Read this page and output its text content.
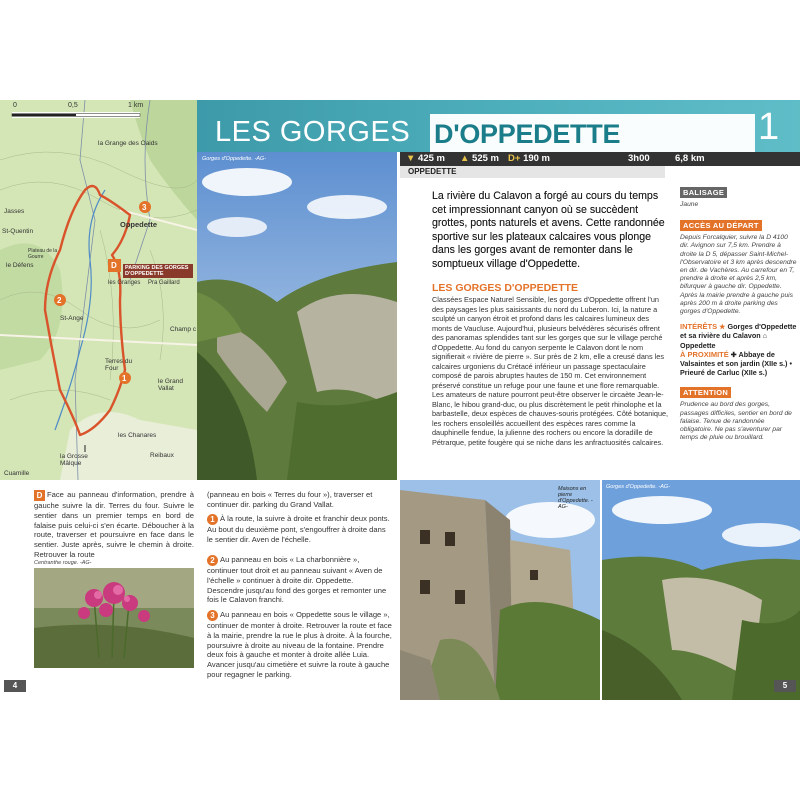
0	0,5	1 km
la Grange des Oaids
Jasses
St-Quentin
Oppedette
le Défens
Plateau de la Gourre
Pra Gaillard
les Granges
Champ c
Terres du Four
le Grand Vallat
les Chanares
Reibaux
la Grosse Mâlque
Cuamille
St-Ange
D	PARKING DES GORGES D'OPPEDETTE
3
2
1
LES GORGES D'OPPEDETTE	1
Gorges d'Oppedette. -AG-	▼ 425 m ▲ 525 m D+ 190 m	3h00	6,8 km
OPPEDETTE
La rivière du Calavon a forgé au cours du temps cet impressionnant canyon où se succèdent grottes, ponts naturels et avens. Cette randonnée sportive sur les plateaux calcaires vous plonge dans les gorges avant de remonter dans le somptueux village d'Oppedette.
LES GORGES D'OPPEDETTE
Classées Espace Naturel Sensible, les gorges d'Oppedette offrent l'un des paysages les plus saisissants du nord du Luberon. Ici, la nature a sculpté un canyon étroit et profond dans les calcaires lumineux des monts de Vaucluse. Aujourd'hui, plusieurs belvédères sécurisés offrent des panoramas splendides tant sur les gorges que sur le village perché d'Oppedette. Au fond du canyon serpente le Calavon dont le nom signifierait « rivière de pierre ». Sur près de 2 km, elle a creusé dans les calcaires urgoniens du Crétacé inférieur un passage spectaculaire composé de parois abruptes hautes de 150 m. Cet environnement préservé constitue un refuge pour une faune et une flore remarquable. Les amateurs de nature pourront peut-être observer le circaète Jean-le-Blanc, le hibou grand-duc, ou plus discrètement le petit rhinolophe et la barbastelle, deux espèces de chauves-souris protégées. Côté botanique, les rochers ensoleillés accueillent des espèces rares comme la dauphinelle fendue, la julienne des rochers ou encore la doradille de Pétrarque, petite fougère qui se niche dans les anfractuosités calcaires.
BALISAGE
Jaune
ACCÈS AU DÉPART
Depuis Forcalquier, suivre la D 4100 dir. Avignon sur 7,5 km. Prendre à droite la D 5, dépasser Saint-Michel-l'Observatoire et 3 km après descendre en dir. de Vachères. Au carrefour en T, prendre à droite et après 2,5 km, bifurquer à gauche dir. Oppedette. Après la mairie prendre à gauche puis après 200 m à droite parking des gorges d'Oppedette.
INTÉRÊTS ★ Gorges d'Oppedette et sa rivière du Calavon ⌂ Oppedette
À PROXIMITÉ ✚ Abbaye de Valsaintes et son jardin (XIIe s.) • Prieuré de Carluc (XIIe s.)
ATTENTION
Prudence au bord des gorges, passages difficiles, sentier en bord de falaise. Tenue de randonnée obligatoire. Ne pas s'aventurer par temps de pluie ou brouillard.
D Face au panneau d'information, prendre à gauche suivre la dir. Terres du four. Suivre le sentier dans un premier temps en bord de falaise puis celui-ci s'en écarte. Déboucher à la route, traverser et poursuivre en face dans le sentier. Juste après, suivre le chemin à droite. Retrouver la route
Centranthe rouge. -AG-
(panneau en bois « Terres du four »), traverser et continuer dir. parking du Grand Vallat.
1 À la route, la suivre à droite et franchir deux ponts. Au bout du deuxième pont, s'engouffrer à droite dans le sentier dir. Aven de l'échelle.
2 Au panneau en bois « La charbonnière », continuer tout droit et au panneau suivant « Aven de l'échelle » continuer à droite dir. Oppedette. Descendre jusqu'au fond des gorges et remonter une fois le Calavon franchi.
3 Au panneau en bois « Oppedette sous le village », continuer de monter à droite. Retrouver la route et face à la mairie, prendre la rue le plus à droite. À la fourche, poursuivre à droite au niveau de la fontaine. Prendre deux fois à gauche et monter à droite allée Luia. Avancer jusqu'au cimetière et suivre la route à gauche pour regagner le parking.
Maisons en pierre d'Oppedette. -AG-
Gorges d'Oppedette. -AG-
4	5
